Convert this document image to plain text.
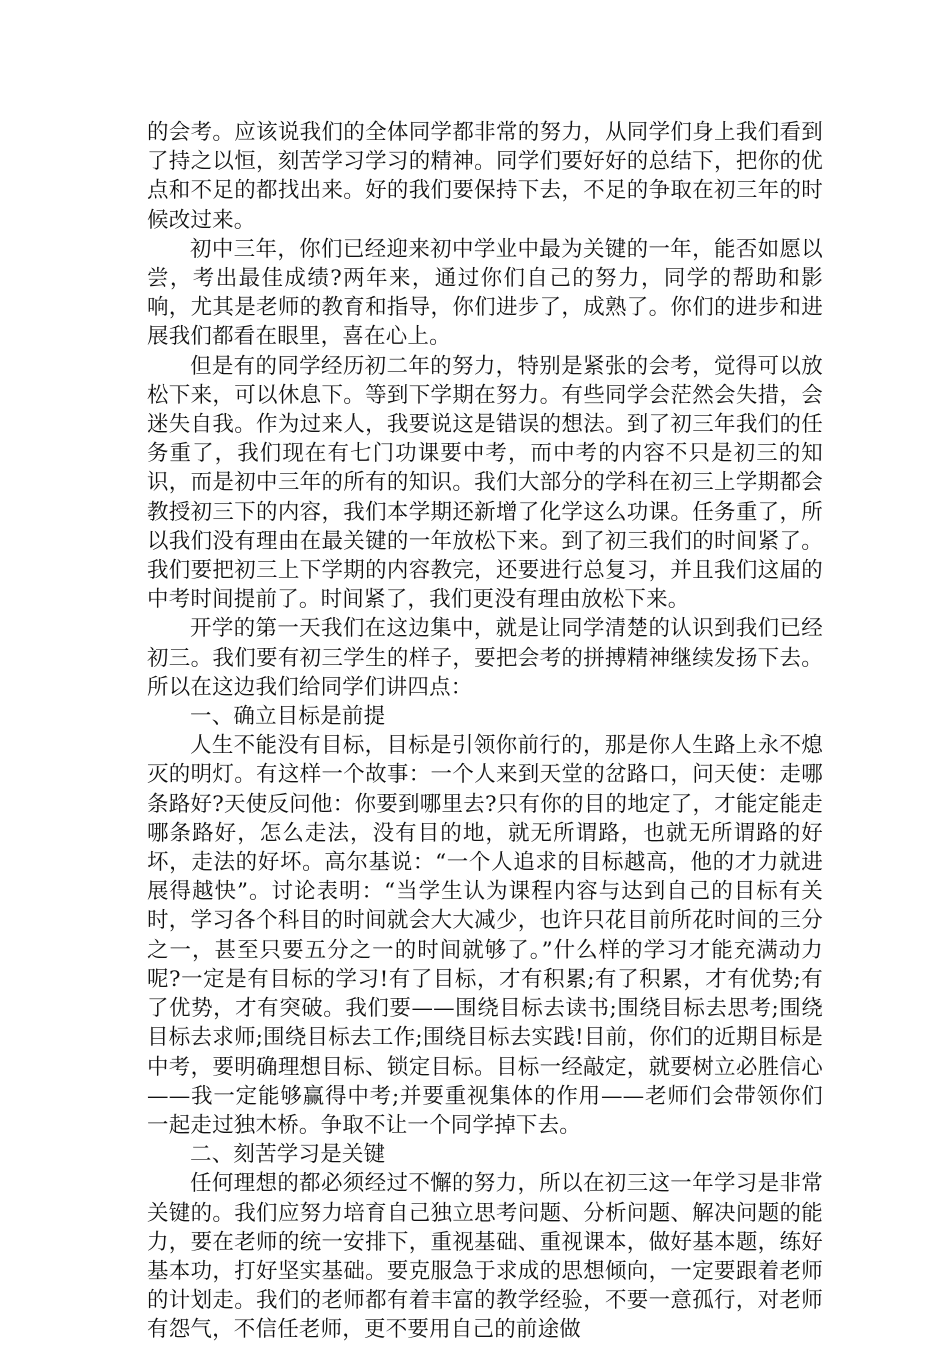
的会考。应该说我们的全体同学都非常的努力，从同学们身上我们看到了持之以恒，刻苦学习学习的精神。同学们要好好的总结下，把你的优点和不足的都找出来。好的我们要保持下去，不足的争取在初三年的时候改过来。

初中三年，你们已经迎来初中学业中最为关键的一年，能否如愿以尝，考出最佳成绩?两年来，通过你们自己的努力，同学的帮助和影响，尤其是老师的教育和指导，你们进步了，成熟了。你们的进步和进展我们都看在眼里，喜在心上。

但是有的同学经历初二年的努力，特别是紧张的会考，觉得可以放松下来，可以休息下。等到下学期在努力。有些同学会茫然会失措，会迷失自我。作为过来人，我要说这是错误的想法。到了初三年我们的任务重了，我们现在有七门功课要中考，而中考的内容不只是初三的知识，而是初中三年的所有的知识。我们大部分的学科在初三上学期都会教授初三下的内容，我们本学期还新增了化学这么功课。任务重了，所以我们没有理由在最关键的一年放松下来。到了初三我们的时间紧了。我们要把初三上下学期的内容教完，还要进行总复习，并且我们这届的中考时间提前了。时间紧了，我们更没有理由放松下来。

开学的第一天我们在这边集中，就是让同学清楚的认识到我们已经初三。我们要有初三学生的样子，要把会考的拼搏精神继续发扬下去。所以在这边我们给同学们讲四点：

一、确立目标是前提

人生不能没有目标，目标是引领你前行的，那是你人生路上永不熄灭的明灯。有这样一个故事：一个人来到天堂的岔路口，问天使：走哪条路好?天使反问他：你要到哪里去?只有你的目的地定了，才能定能走哪条路好，怎么走法，没有目的地，就无所谓路，也就无所谓路的好坏，走法的好坏。高尔基说：“一个人追求的目标越高，他的才力就进展得越快”。讨论表明：“当学生认为课程内容与达到自己的目标有关时，学习各个科目的时间就会大大减少，也许只花目前所花时间的三分之一，甚至只要五分之一的时间就够了。”什么样的学习才能充满动力呢?一定是有目标的学习!有了目标，才有积累;有了积累，才有优势;有了优势，才有突破。我们要——围绕目标去读书;围绕目标去思考;围绕目标去求师;围绕目标去工作;围绕目标去实践!目前，你们的近期目标是中考，要明确理想目标、锁定目标。目标一经敲定，就要树立必胜信心——我一定能够赢得中考;并要重视集体的作用——老师们会带领你们一起走过独木桥。争取不让一个同学掉下去。

二、刻苦学习是关键

任何理想的都必须经过不懈的努力，所以在初三这一年学习是非常关键的。我们应努力培育自己独立思考问题、分析问题、解决问题的能力，要在老师的统一安排下，重视基础、重视课本，做好基本题，练好基本功，打好坚实基础。要克服急于求成的思想倾向，一定要跟着老师的计划走。我们的老师都有着丰富的教学经验，不要一意孤行，对老师有怨气，不信任老师，更不要用自己的前途做
